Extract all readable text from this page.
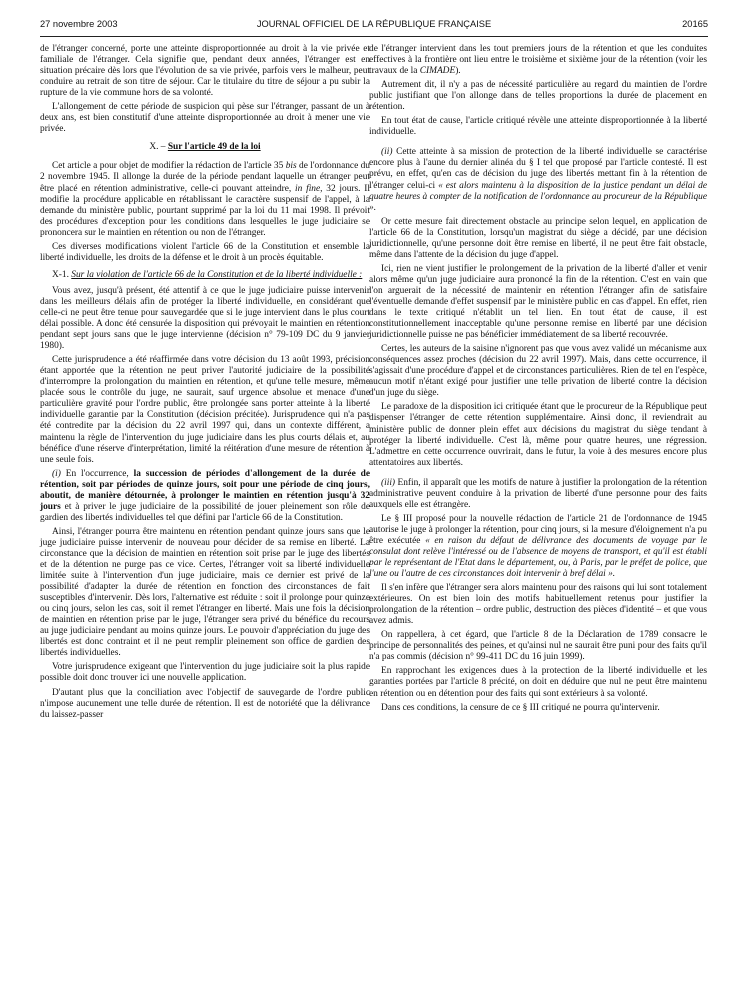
27 novembre 2003	JOURNAL OFFICIEL DE LA RÉPUBLIQUE FRANÇAISE	20165

de l'étranger concerné, porte une atteinte disproportionnée au droit à la vie privée et familiale de l'étranger. Cela signifie que, pendant deux années, l'étranger est en situation précaire dès lors que l'évolution de sa vie privée, parfois vers le malheur, peut conduire au retrait de son titre de séjour. Car le titulaire du titre de séjour a pu subir la rupture de la vie commune hors de sa volonté.

L'allongement de cette période de suspicion qui pèse sur l'étranger, passant de un à deux ans, est bien constitutif d'une atteinte disproportionnée au droit à mener une vie privée.

X. – Sur l'article 49 de la loi

Cet article a pour objet de modifier la rédaction de l'article 35 bis de l'ordonnance du 2 novembre 1945. Il allonge la durée de la période pendant laquelle un étranger peut être placé en rétention administrative, celle-ci pouvant atteindre, in fine, 32 jours. Il modifie la procédure applicable en rétablissant le caractère suspensif de l'appel, à la demande du ministère public, pourtant supprimé par la loi du 11 mai 1998. Il prévoit des procédures d'exception pour les conditions dans lesquelles le juge judiciaire se prononcera sur le maintien en rétention ou non de l'étranger.

Ces diverses modifications violent l'article 66 de la Constitution et ensemble la liberté individuelle, les droits de la défense et le droit à un procès équitable.

X-1. Sur la violation de l'article 66 de la Constitution et de la liberté individuelle :

Vous avez, jusqu'à présent, été attentif à ce que le juge judiciaire puisse intervenir dans les meilleurs délais afin de protéger la liberté individuelle, en considérant que celle-ci ne peut être tenue pour sauvegardée que si le juge intervient dans le plus court délai possible. A donc été censurée la disposition qui prévoyait le maintien en rétention pendant sept jours sans que le juge intervienne (décision n° 79-109 DC du 9 janvier 1980).

Cette jurisprudence a été réaffirmée dans votre décision du 13 août 1993, précision étant apportée que la rétention ne peut priver l'autorité judiciaire de la possibilité d'interrompre la prolongation du maintien en rétention, et qu'une telle mesure, même placée sous le contrôle du juge, ne saurait, sauf urgence absolue et menace d'une particulière gravité pour l'ordre public, être prolongée sans porter atteinte à la liberté individuelle garantie par la Constitution (décision précitée). Jurisprudence qui n'a pas été contredite par la décision du 22 avril 1997 qui, dans un contexte différent, a maintenu la règle de l'intervention du juge judiciaire dans les plus courts délais et, au bénéfice d'une réserve d'interprétation, limité la réitération d'une mesure de rétention à une seule fois.

(i) En l'occurrence, la succession de périodes d'allongement de la durée de rétention, soit par périodes de quinze jours, soit pour une période de cinq jours, aboutit, de manière détournée, à prolonger le maintien en rétention jusqu'à 32 jours et à priver le juge judiciaire de la possibilité de jouer pleinement son rôle de gardien des libertés individuelles tel que défini par l'article 66 de la Constitution.

Ainsi, l'étranger pourra être maintenu en rétention pendant quinze jours sans que le juge judiciaire puisse intervenir de nouveau pour décider de sa remise en liberté. La circonstance que la décision de maintien en rétention soit prise par le juge des libertés et de la détention ne purge pas ce vice. Certes, l'étranger voit sa liberté individuelle limitée suite à l'intervention d'un juge judiciaire, mais ce dernier est privé de la possibilité d'adapter la durée de rétention en fonction des circonstances de fait susceptibles d'intervenir. Dès lors, l'alternative est réduite : soit il prolonge pour quinze ou cinq jours, selon les cas, soit il remet l'étranger en liberté. Mais une fois la décision de maintien en rétention prise par le juge, l'étranger sera privé du bénéfice du recours au juge judiciaire pendant au moins quinze jours. Le pouvoir d'appréciation du juge des libertés est donc contraint et il ne peut remplir pleinement son office de gardien des libertés individuelles.

Votre jurisprudence exigeant que l'intervention du juge judiciaire soit la plus rapide possible doit donc trouver ici une nouvelle application.

D'autant plus que la conciliation avec l'objectif de sauvegarde de l'ordre public n'impose aucunement une telle durée de rétention. Il est de notoriété que la délivrance du laissez-passer

de l'étranger intervient dans les tout premiers jours de la rétention et que les conduites effectives à la frontière ont lieu entre le troisième et sixième jour de la rétention (voir les travaux de la CIMADE).

Autrement dit, il n'y a pas de nécessité particulière au regard du maintien de l'ordre public justifiant que l'on allonge dans de telles proportions la durée de placement en rétention.

En tout état de cause, l'article critiqué révèle une atteinte disproportionnée à la liberté individuelle.

(ii) Cette atteinte à sa mission de protection de la liberté individuelle se caractérise encore plus à l'aune du dernier alinéa du § I tel que proposé par l'article contesté. Il est prévu, en effet, qu'en cas de décision du juge des libertés mettant fin à la rétention de l'étranger celui-ci « est alors maintenu à la disposition de la justice pendant un délai de quatre heures à compter de la notification de l'ordonnance au procureur de la République ».

Or cette mesure fait directement obstacle au principe selon lequel, en application de l'article 66 de la Constitution, lorsqu'un magistrat du siège a décidé, par une décision juridictionnelle, qu'une personne doit être remise en liberté, il ne peut être fait obstacle, même dans l'attente de la décision du juge d'appel.

Ici, rien ne vient justifier le prolongement de la privation de la liberté d'aller et venir alors même qu'un juge judiciaire aura prononcé la fin de la rétention. C'est en vain que l'on arguerait de la nécessité de maintenir en rétention l'étranger afin de satisfaire l'éventuelle demande d'effet suspensif par le ministère public en cas d'appel. En effet, rien dans le texte critiqué n'établit un tel lien. En tout état de cause, il est constitutionnellement inacceptable qu'une personne remise en liberté par une décision juridictionnelle puisse ne pas bénéficier immédiatement de sa liberté recouvrée.

Certes, les auteurs de la saisine n'ignorent pas que vous avez validé un mécanisme aux conséquences assez proches (décision du 22 avril 1997). Mais, dans cette occurrence, il s'agissait d'une procédure d'appel et de circonstances particulières. Rien de tel en l'espèce, aucun motif n'étant exigé pour justifier une telle privation de liberté contre la décision d'un juge du siège.

Le paradoxe de la disposition ici critiquée étant que le procureur de la République peut dispenser l'étranger de cette rétention supplémentaire. Ainsi donc, il reviendrait au ministère public de donner plein effet aux décisions du magistrat du siège tendant à protéger la liberté individuelle. C'est là, même pour quatre heures, une régression. L'admettre en cette occurrence ouvrirait, dans le futur, la voie à des mesures encore plus attentatoires aux libertés.

(iii) Enfin, il apparaît que les motifs de nature à justifier la prolongation de la rétention administrative peuvent conduire à la privation de liberté d'une personne pour des faits auxquels elle est étrangère.

Le § III proposé pour la nouvelle rédaction de l'article 21 de l'ordonnance de 1945 autorise le juge à prolonger la rétention, pour cinq jours, si la mesure d'éloignement n'a pu être exécutée « en raison du défaut de délivrance des documents de voyage par le consulat dont relève l'intéressé ou de l'absence de moyens de transport, et qu'il est établi par le représentant de l'Etat dans le département, ou, à Paris, par le préfet de police, que l'une ou l'autre de ces circonstances doit intervenir à bref délai ».

Il s'en infère que l'étranger sera alors maintenu pour des raisons qui lui sont totalement extérieures. On est bien loin des motifs habituellement retenus pour justifier la prolongation de la rétention – ordre public, destruction des pièces d'identité – et que vous avez admis.

On rappellera, à cet égard, que l'article 8 de la Déclaration de 1789 consacre le principe de personnalités des peines, et qu'ainsi nul ne saurait être puni pour des faits qu'il n'a pas commis (décision n° 99-411 DC du 16 juin 1999).

En rapprochant les exigences dues à la protection de la liberté individuelle et les garanties portées par l'article 8 précité, on doit en déduire que nul ne peut être maintenu en rétention ou en détention pour des faits qui sont extérieurs à sa volonté.

Dans ces conditions, la censure de ce § III critiqué ne pourra qu'intervenir.
